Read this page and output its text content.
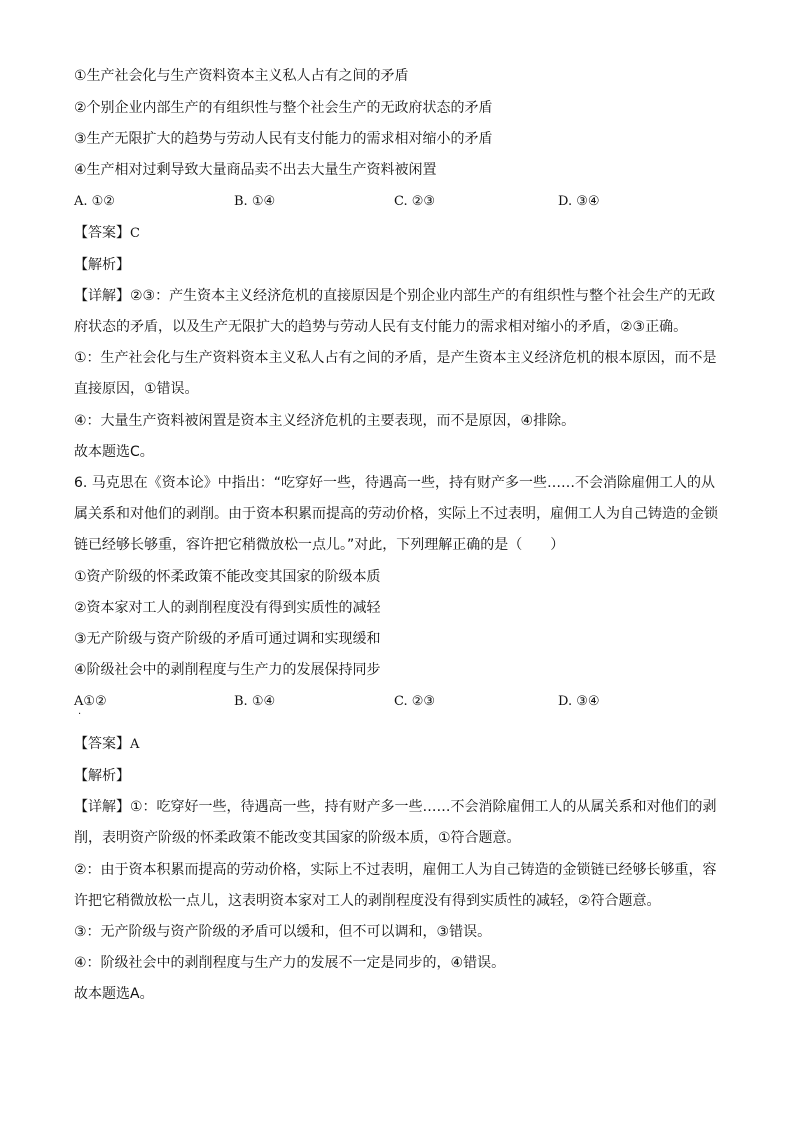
①生产社会化与生产资料资本主义私人占有之间的矛盾
②个别企业内部生产的有组织性与整个社会生产的无政府状态的矛盾
③生产无限扩大的趋势与劳动人民有支付能力的需求相对缩小的矛盾
④生产相对过剩导致大量商品卖不出去大量生产资料被闲置
A. ①②	B. ①④	C. ②③	D. ③④
【答案】C
【解析】
【详解】②③：产生资本主义经济危机的直接原因是个别企业内部生产的有组织性与整个社会生产的无政府状态的矛盾，以及生产无限扩大的趋势与劳动人民有支付能力的需求相对缩小的矛盾，②③正确。
①：生产社会化与生产资料资本主义私人占有之间的矛盾，是产生资本主义经济危机的根本原因，而不是直接原因，①错误。
④：大量生产资料被闲置是资本主义经济危机的主要表现，而不是原因，④排除。
故本题选C。
6. 马克思在《资本论》中指出：“吃穿好一些，待遇高一些，持有财产多一些……不会消除雇佣工人的从属关系和对他们的剥削。由于资本积累而提高的劳动价格，实际上不过表明，雇佣工人为自己铸造的金锁链已经够长够重，容许把它稍微放松一点儿。”对此，下列理解正确的是（　　）
①资产阶级的怀柔政策不能改变其国家的阶级本质
②资本家对工人的剥削程度没有得到实质性的减轻
③无产阶级与资产阶级的矛盾可通过调和实现缓和
④阶级社会中的剥削程度与生产力的发展保持同步
A①②	B. ①④	C. ②③	D. ③④
·
【答案】A
【解析】
【详解】①：吃穿好一些，待遇高一些，持有财产多一些……不会消除雇佣工人的从属关系和对他们的剥削，表明资产阶级的怀柔政策不能改变其国家的阶级本质，①符合题意。
②：由于资本积累而提高的劳动价格，实际上不过表明，雇佣工人为自己铸造的金锁链已经够长够重，容许把它稍微放松一点儿，这表明资本家对工人的剥削程度没有得到实质性的减轻，②符合题意。
③：无产阶级与资产阶级的矛盾可以缓和，但不可以调和，③错误。
④：阶级社会中的剥削程度与生产力的发展不一定是同步的，④错误。
故本题选A。
